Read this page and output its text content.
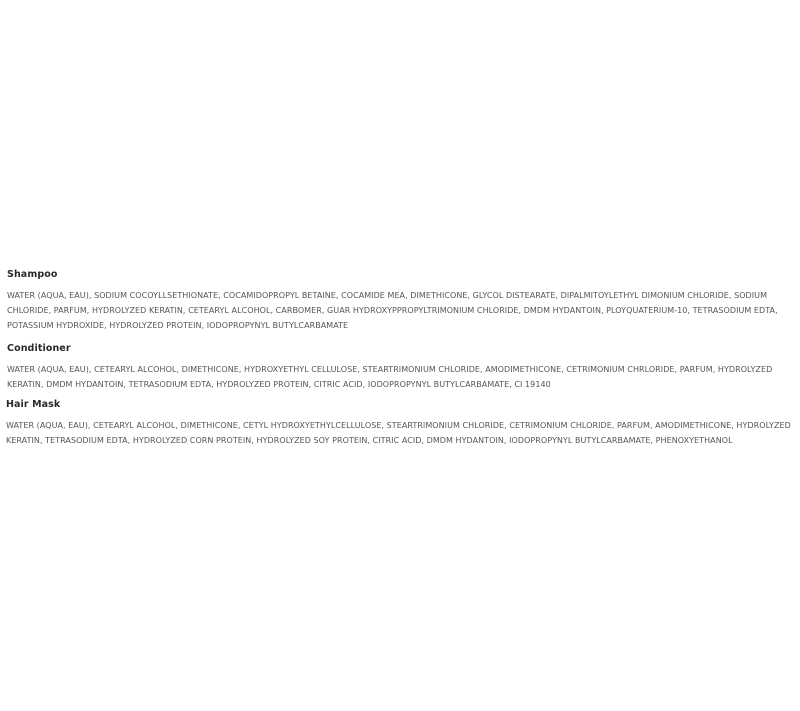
Shampoo

WATER (AQUA, EAU), SODIUM COCOYLLSETHIONATE, COCAMIDOPROPYL BETAINE, COCAMIDE MEA, DIMETHICONE, GLYCOL DISTEARATE, DIPALMITOYLETHYL DIMONIUM CHLORIDE, SODIUM CHLORIDE, PARFUM, HYDROLYZED KERATIN, CETEARYL ALCOHOL, CARBOMER, GUAR HYDROXYPPROPYLTRIMONIUM CHLORIDE, DMDM HYDANTOIN, PLOYQUATERIUM-10, TETRASODIUM EDTA, POTASSIUM HYDROXIDE, HYDROLYZED PROTEIN, IODOPROPYNYL BUTYLCARBAMATE

Conditioner

WATER (AQUA, EAU), CETEARYL ALCOHOL, DIMETHICONE, HYDROXYETHYL CELLULOSE, STEARTRIMONIUM CHLORIDE, AMODIMETHICONE, CETRIMONIUM CHRLORIDE, PARFUM, HYDROLYZED KERATIN, DMDM HYDANTOIN, TETRASODIUM EDTA, HYDROLYZED PROTEIN, CITRIC ACID, IODOPROPYNYL BUTYLCARBAMATE, CI 19140

Hair Mask

WATER (AQUA, EAU), CETEARYL ALCOHOL, DIMETHICONE, CETYL HYDROXYETHYLCELLULOSE, STEARTRIMONIUM CHLORIDE, CETRIMONIUM CHLORIDE, PARFUM, AMODIMETHICONE, HYDROLYZED KERATIN, TETRASODIUM EDTA, HYDROLYZED CORN PROTEIN, HYDROLYZED SOY PROTEIN, CITRIC ACID, DMDM HYDANTOIN, IODOPROPYNYL BUTYLCARBAMATE, PHENOXYETHANOL
